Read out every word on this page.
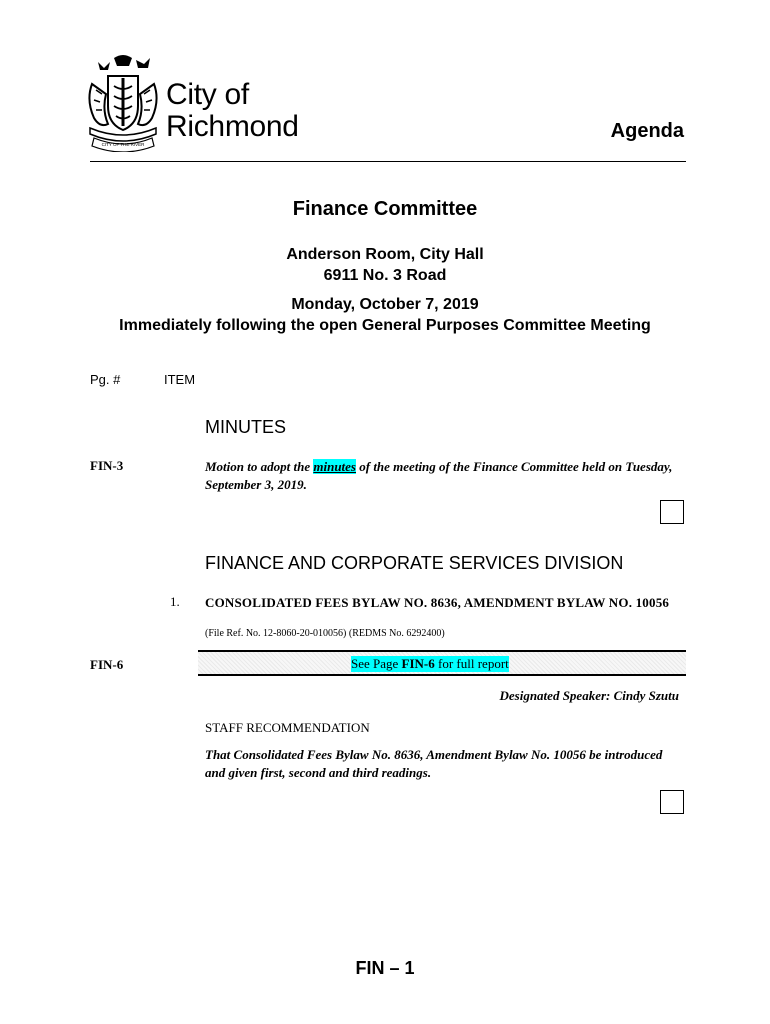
CITY OF THE RIVER
City of
Richmond	Agenda
Finance Committee
Anderson Room, City Hall
6911 No. 3 Road
Monday, October 7, 2019
Immediately following the open General Purposes Committee Meeting
Pg. #	ITEM
MINUTES
FIN-3	Motion to adopt the minutes of the meeting of the Finance Committee held on Tuesday, September 3, 2019.
FINANCE AND CORPORATE SERVICES DIVISION
1. CONSOLIDATED FEES BYLAW NO. 8636, AMENDMENT BYLAW NO. 10056
(File Ref. No. 12-8060-20-010056) (REDMS No. 6292400)
FIN-6	See Page FIN-6 for full report
Designated Speaker: Cindy Szutu
STAFF RECOMMENDATION
That Consolidated Fees Bylaw No. 8636, Amendment Bylaw No. 10056 be introduced and given first, second and third readings.
FIN – 1
